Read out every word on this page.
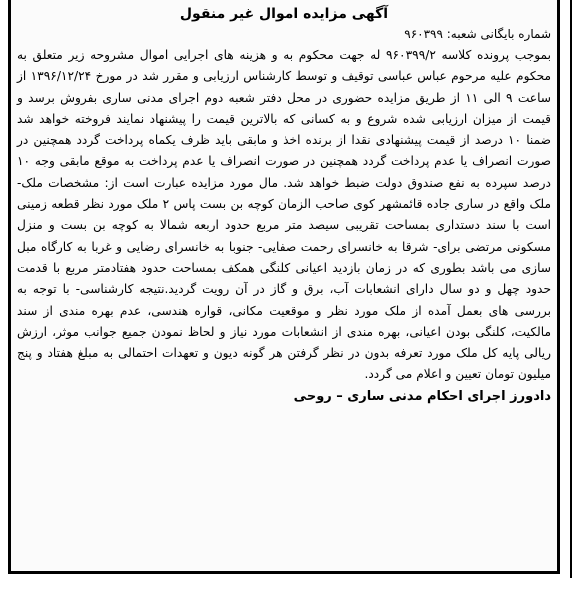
آگهی مزایده اموال غیر منقول
شماره بایگانی شعبه: ۹۶۰۳۹۹
بموجب پرونده کلاسه ۹۶۰۳۹۹/۲ له جهت محکوم به و هزینه های اجرایی اموال مشروحه زیر متعلق به محکوم علیه مرحوم عباس عباسی توقیف و توسط کارشناس ارزیابی و مقرر شد در مورخ ۱۳۹۶/۱۲/۲۴ از ساعت ۹ الی ۱۱ از طریق مزایده حضوری در محل دفتر شعبه دوم اجرای مدنی ساری بفروش برسد و قیمت از میزان ارزیابی شده شروع و به کسانی که بالاترین قیمت را پیشنهاد نمایند فروخته خواهد شد ضمنا ۱۰ درصد از قیمت پیشنهادی نقدا از برنده اخذ و مابقی باید ظرف یکماه پرداخت گردد همچنین در صورت انصراف یا عدم پرداخت گردد همچنین در صورت انصراف یا عدم پرداخت به موقع مابقی وجه ۱۰ درصد سپرده به نفع صندوق دولت ضبط خواهد شد. مال مورد مزایده عبارت است از: مشخصات ملک- ملک واقع در ساری جاده قائمشهر کوی صاحب الزمان کوچه بن بست پاس ۲ ملک مورد نظر قطعه زمینی است با سند دستداری بمساحت تقریبی سیصد متر مربع حدود اربعه شمالا به کوچه بن بست و منزل مسکونی مرتضی برای- شرقا به خانسرای رحمت صفایی- جنوبا به خانسرای رضایی و غربا به کارگاه مبل سازی می باشد بطوری که در زمان بازدید اعیانی کلنگی همکف بمساحت حدود هفتادمتر مربع با قدمت حدود چهل و دو سال دارای انشعابات آب، برق و گاز در آن رویت گردید.نتیجه کارشناسی- با توجه به بررسی های بعمل آمده از ملک مورد نظر و موقعیت مکانی، قواره هندسی، عدم بهره مندی از سند مالکیت، کلنگی بودن اعیانی، بهره مندی از انشعابات مورد نیاز و لحاظ نمودن جمیع جوانب موثر، ارزش ریالی پایه کل ملک مورد تعرفه بدون در نظر گرفتن هر گونه دیون و تعهدات احتمالی به مبلغ هفتاد و پنج میلیون تومان تعیین و اعلام می گردد.
دادورز اجرای احکام مدنی ساری – روحی
